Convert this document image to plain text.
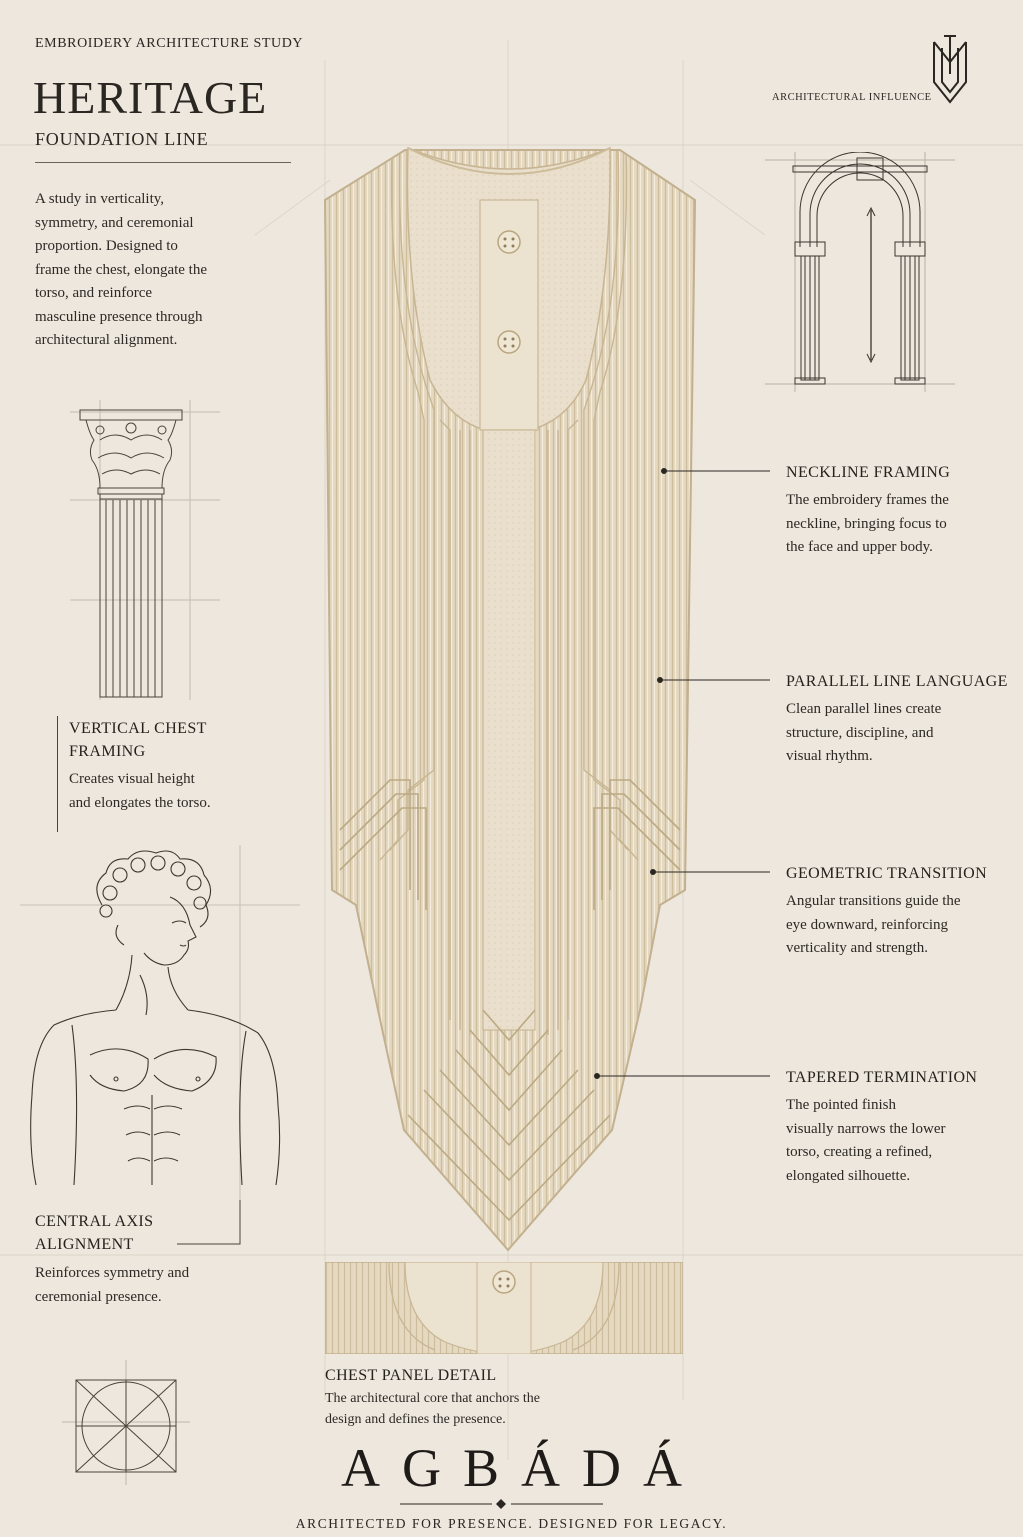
EMBROIDERY ARCHITECTURE STUDY
HERITAGE
FOUNDATION LINE
A study in verticality, symmetry, and ceremonial proportion. Designed to frame the chest, elongate the torso, and reinforce masculine presence through architectural alignment.
ARCHITECTURAL INFLUENCE
VERTICAL CHEST FRAMING
Creates visual height and elongates the torso.
CENTRAL AXIS ALIGNMENT
Reinforces symmetry and ceremonial presence.
NECKLINE FRAMING
The embroidery frames the neckline, bringing focus to the face and upper body.
PARALLEL LINE LANGUAGE
Clean parallel lines create structure, discipline, and visual rhythm.
GEOMETRIC TRANSITION
Angular transitions guide the eye downward, reinforcing verticality and strength.
TAPERED TERMINATION
The pointed finish visually narrows the lower torso, creating a refined, elongated silhouette.
CHEST PANEL DETAIL
The architectural core that anchors the design and defines the presence.
AGBÁDÁ
ARCHITECTED FOR PRESENCE. DESIGNED FOR LEGACY.
